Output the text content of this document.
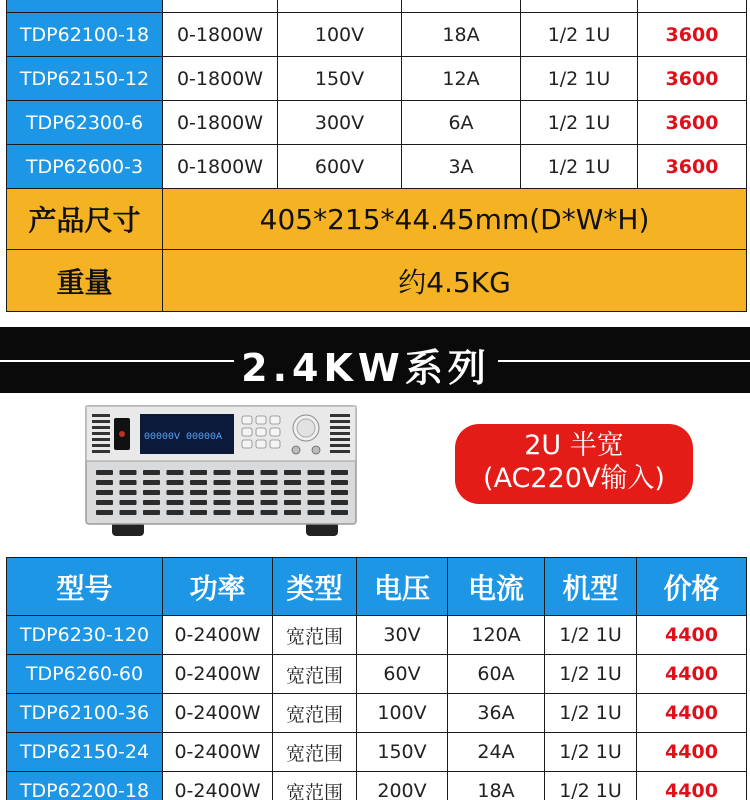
TDP62100-18	0-1800W	100V	18A	1/2 1U	3600
TDP62150-12	0-1800W	150V	12A	1/2 1U	3600
TDP62300-6	0-1800W	300V	6A	1/2 1U	3600
TDP62600-3	0-1800W	600V	3A	1/2 1U	3600
产品尺寸	405*215*44.45mm(D*W*H)				
重量	约4.5KG				
2.4KW系列
00000V 00000A	2U 半宽
(AC220V输入)
型号	功率	类型	电压	电流	机型	价格
TDP6230-120	0-2400W	宽范围	30V	120A	1/2 1U	4400
TDP6260-60	0-2400W	宽范围	60V	60A	1/2 1U	4400
TDP62100-36	0-2400W	宽范围	100V	36A	1/2 1U	4400
TDP62150-24	0-2400W	宽范围	150V	24A	1/2 1U	4400
TDP62200-18	0-2400W	宽范围	200V	18A	1/2 1U	4400
